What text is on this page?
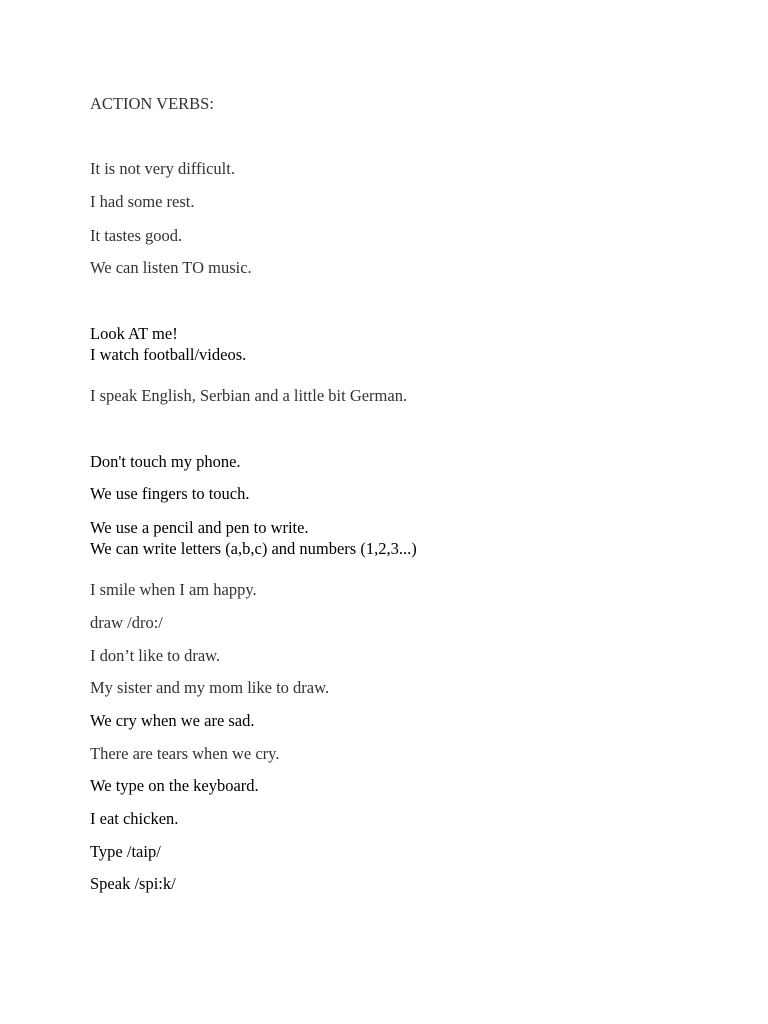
ACTION VERBS:

It is not very difficult.

I had some rest.

It tastes good.

We can listen TO music.

Look AT me!

I watch football/videos.

I speak English, Serbian and a little bit German.

Don't touch my phone.

We use fingers to touch.

We use a pencil and pen to write.

We can write letters (a,b,c) and numbers (1,2,3...)

I smile when I am happy.

draw /dro:/

I don’t like to draw.

My sister and my mom like to draw.

We cry when we are sad.

There are tears when we cry.

We type on the keyboard.

I eat chicken.

Type /taip/

Speak /spi:k/
